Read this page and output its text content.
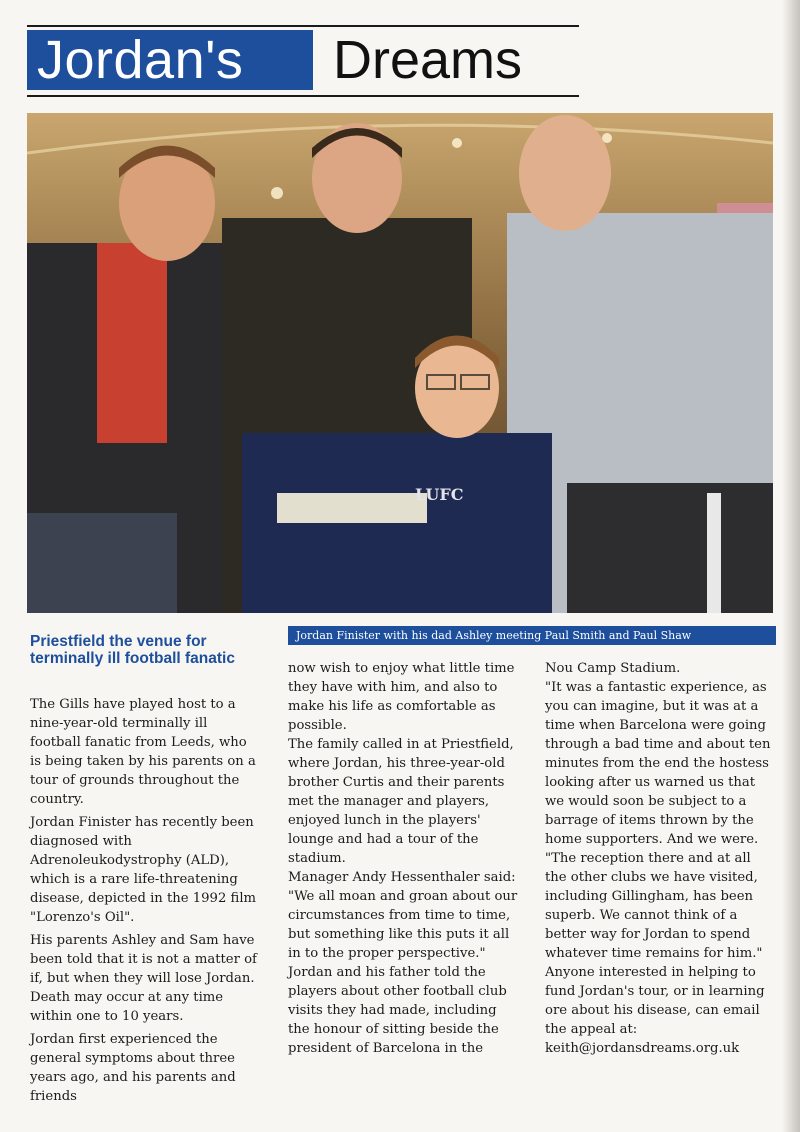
Jordan's	Dreams
LUFC
Jordan Finister with his dad Ashley meeting Paul Smith and Paul Shaw
Priestfield the venue for terminally ill football fanatic

The Gills have played host to a nine-year-old terminally ill football fanatic from Leeds, who is being taken by his parents on a tour of grounds throughout the country.

Jordan Finister has recently been diagnosed with Adrenoleukodystrophy (ALD), which is a rare life-threatening disease, depicted in the 1992 film "Lorenzo's Oil".

His parents Ashley and Sam have been told that it is not a matter of if, but when they will lose Jordan. Death may occur at any time within one to 10 years.

Jordan first experienced the general symptoms about three years ago, and his parents and friends

now wish to enjoy what little time they have with him, and also to make his life as comfortable as possible.

The family called in at Priestfield, where Jordan, his three-year-old brother Curtis and their parents met the manager and players, enjoyed lunch in the players' lounge and had a tour of the stadium.

Manager Andy Hessenthaler said: "We all moan and groan about our circumstances from time to time, but something like this puts it all in to the proper perspective."

Jordan and his father told the players about other football club visits they had made, including the honour of sitting beside the president of Barcelona in the

Nou Camp Stadium.

"It was a fantastic experience, as you can imagine, but it was at a time when Barcelona were going through a bad time and about ten minutes from the end the hostess looking after us warned us that we would soon be subject to a barrage of items thrown by the home supporters. And we were.

"The reception there and at all the other clubs we have visited, including Gillingham, has been superb. We cannot think of a better way for Jordan to spend whatever time remains for him."

Anyone interested in helping to fund Jordan's tour, or in learning ore about his disease, can email the appeal at: keith@jordansdreams.org.uk
